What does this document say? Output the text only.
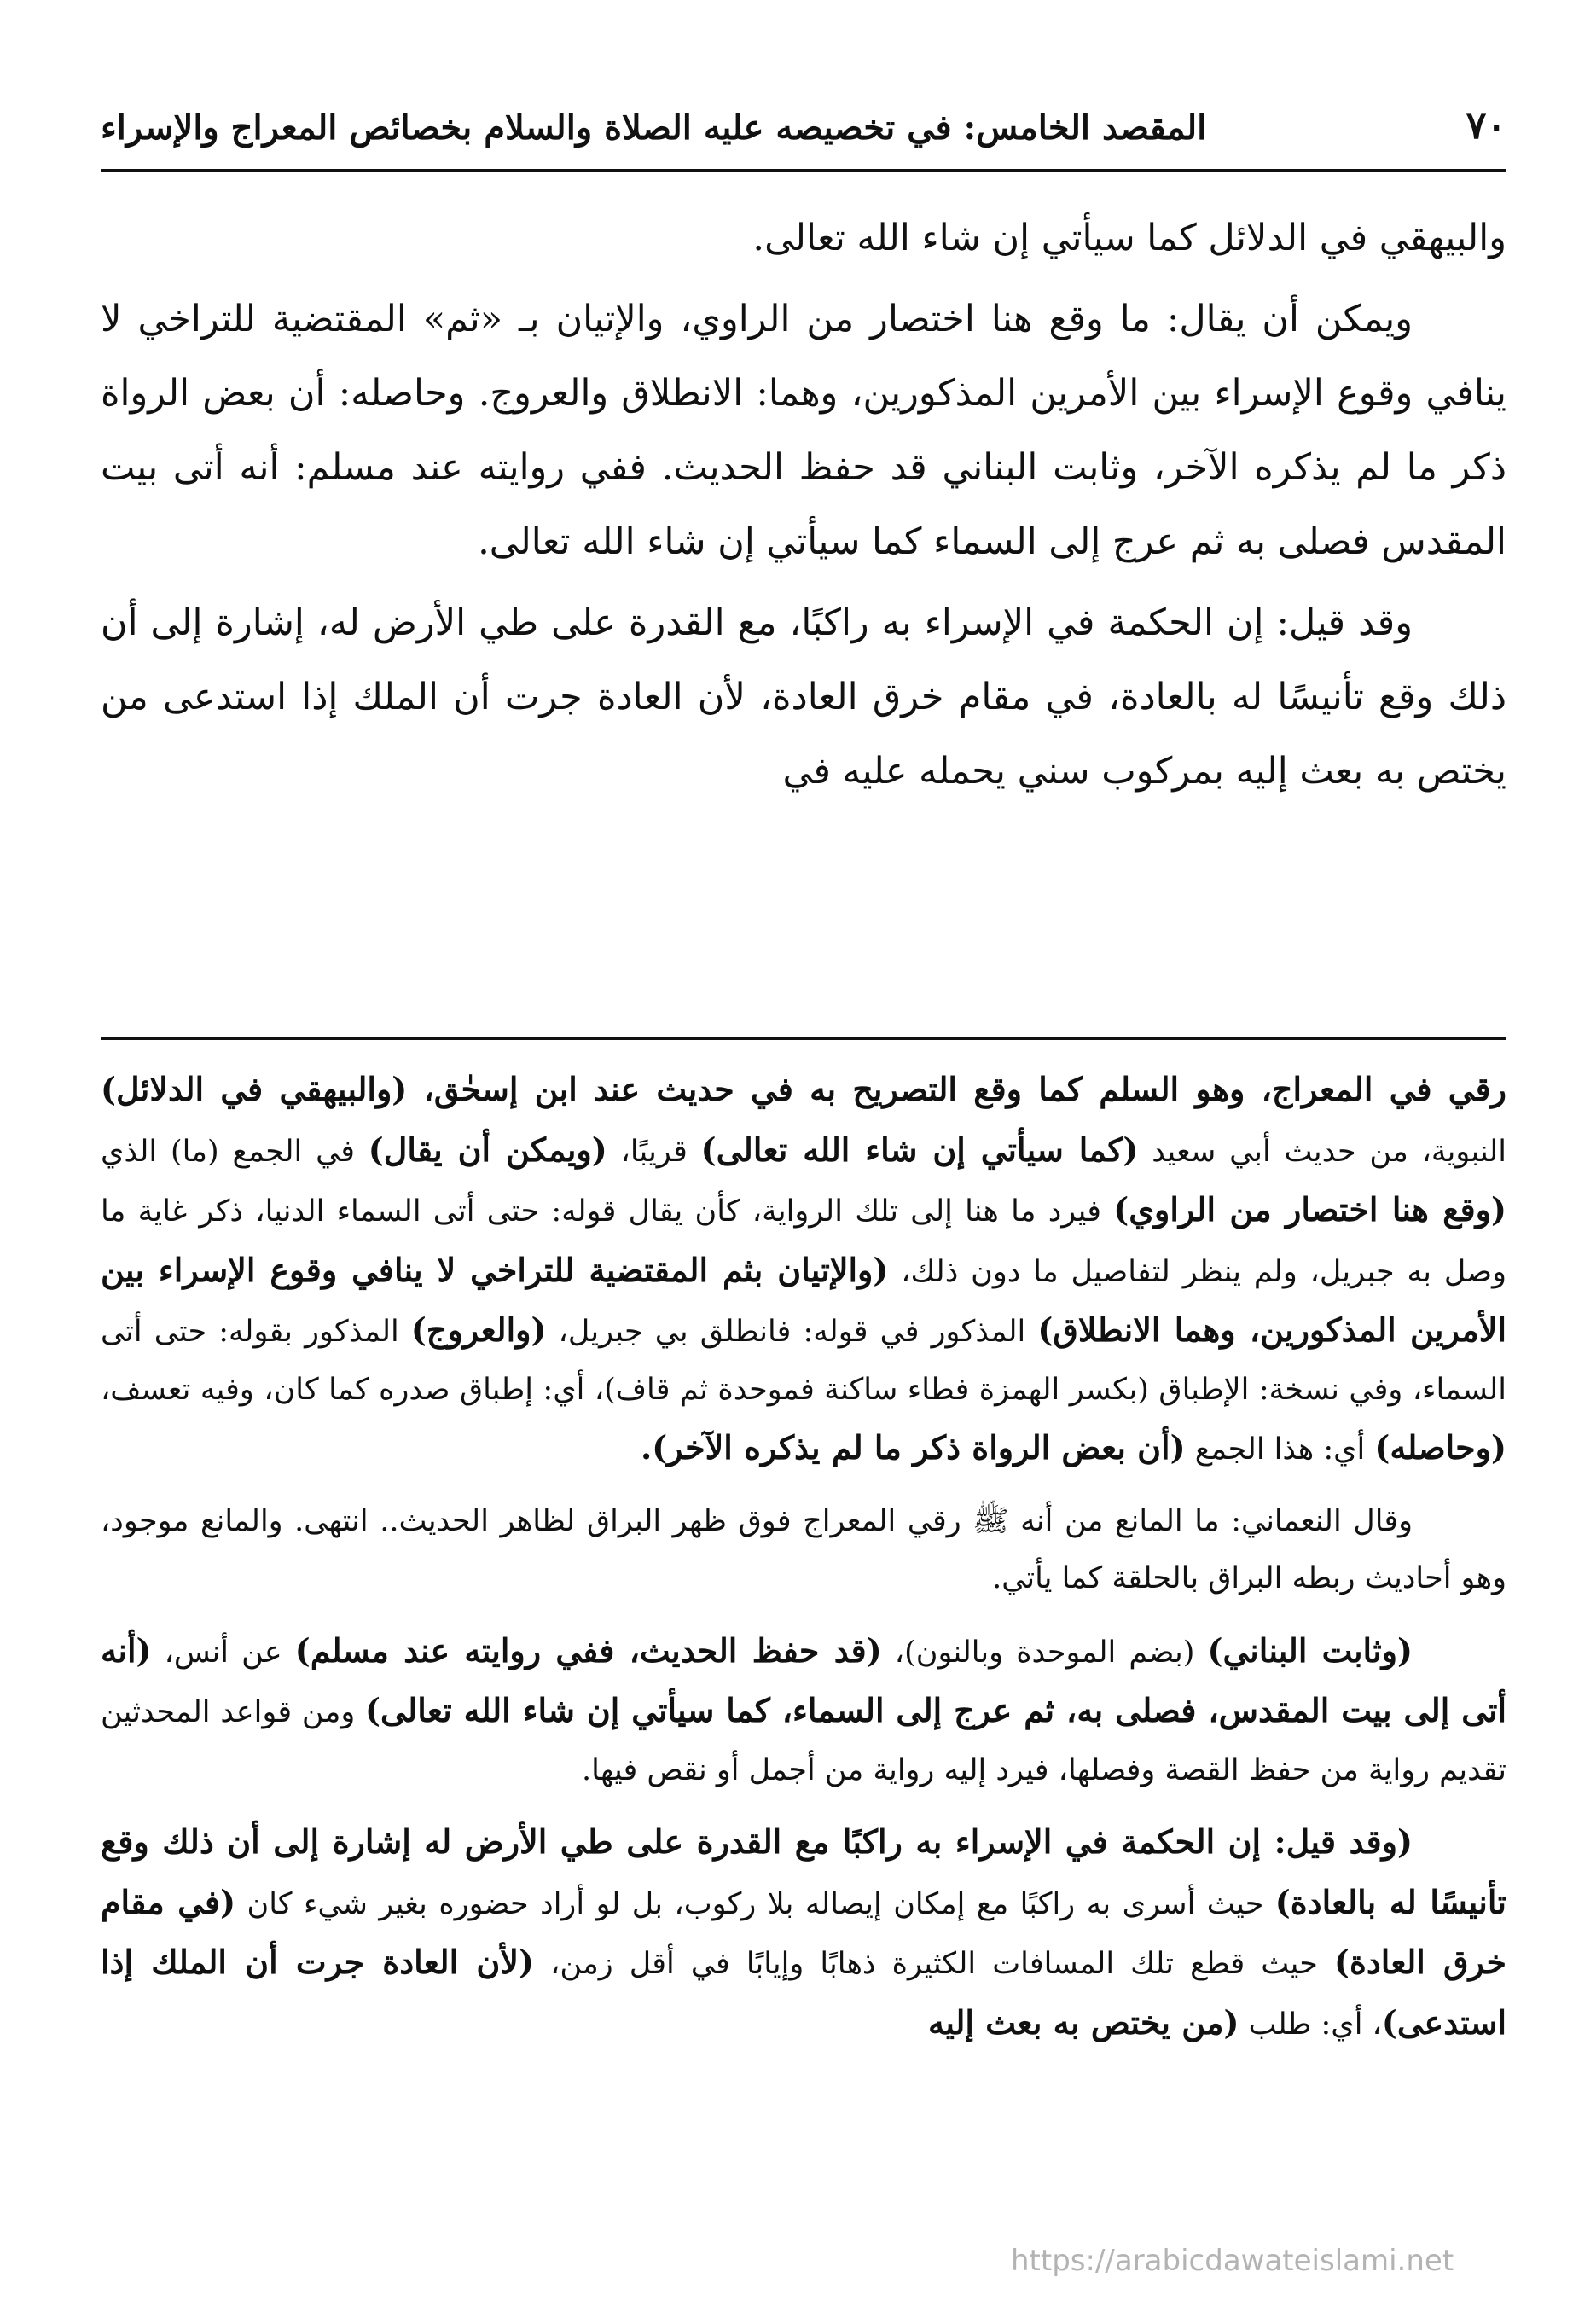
٧٠
المقصد الخامس: في تخصيصه عليه الصلاة والسلام بخصائص المعراج والإسراء

والبيهقي في الدلائل كما سيأتي إن شاء الله تعالى.

ويمكن أن يقال: ما وقع هنا اختصار من الراوي، والإتيان بـ «ثم» المقتضية للتراخي لا ينافي وقوع الإسراء بين الأمرين المذكورين، وهما: الانطلاق والعروج. وحاصله: أن بعض الرواة ذكر ما لم يذكره الآخر، وثابت البناني قد حفظ الحديث. ففي روايته عند مسلم: أنه أتى بيت المقدس فصلى به ثم عرج إلى السماء كما سيأتي إن شاء الله تعالى.

وقد قيل: إن الحكمة في الإسراء به راكبًا، مع القدرة على طي الأرض له، إشارة إلى أن ذلك وقع تأنيسًا له بالعادة، في مقام خرق العادة، لأن العادة جرت أن الملك إذا استدعى من يختص به بعث إليه بمركوب سني يحمله عليه في

رقي في المعراج، وهو السلم كما وقع التصريح به في حديث عند ابن إسحٰق، (والبيهقي في الدلائل) النبوية، من حديث أبي سعيد (كما سيأتي إن شاء الله تعالى) قريبًا، (ويمكن أن يقال) في الجمع (ما) الذي (وقع هنا اختصار من الراوي) فيرد ما هنا إلى تلك الرواية، كأن يقال قوله: حتى أتى السماء الدنيا، ذكر غاية ما وصل به جبريل، ولم ينظر لتفاصيل ما دون ذلك، (والإتيان بثم المقتضية للتراخي لا ينافي وقوع الإسراء بين الأمرين المذكورين، وهما الانطلاق) المذكور في قوله: فانطلق بي جبريل، (والعروج) المذكور بقوله: حتى أتى السماء، وفي نسخة: الإطباق (بكسر الهمزة فطاء ساكنة فموحدة ثم قاف)، أي: إطباق صدره كما كان، وفيه تعسف، (وحاصله) أي: هذا الجمع (أن بعض الرواة ذكر ما لم يذكره الآخر).

وقال النعماني: ما المانع من أنه ﷺ رقي المعراج فوق ظهر البراق لظاهر الحديث.. انتهى. والمانع موجود، وهو أحاديث ربطه البراق بالحلقة كما يأتي.

(وثابت البناني) (بضم الموحدة وبالنون)، (قد حفظ الحديث، ففي روايته عند مسلم) عن أنس، (أنه أتى إلى بيت المقدس، فصلى به، ثم عرج إلى السماء، كما سيأتي إن شاء الله تعالى) ومن قواعد المحدثين تقديم رواية من حفظ القصة وفصلها، فيرد إليه رواية من أجمل أو نقص فيها.

(وقد قيل: إن الحكمة في الإسراء به راكبًا مع القدرة على طي الأرض له إشارة إلى أن ذلك وقع تأنيسًا له بالعادة) حيث أسرى به راكبًا مع إمكان إيصاله بلا ركوب، بل لو أراد حضوره بغير شيء كان (في مقام خرق العادة) حيث قطع تلك المسافات الكثيرة ذهابًا وإيابًا في أقل زمن، (لأن العادة جرت أن الملك إذا استدعى)، أي: طلب (من يختص به بعث إليه

https://arabicdawateislami.net
